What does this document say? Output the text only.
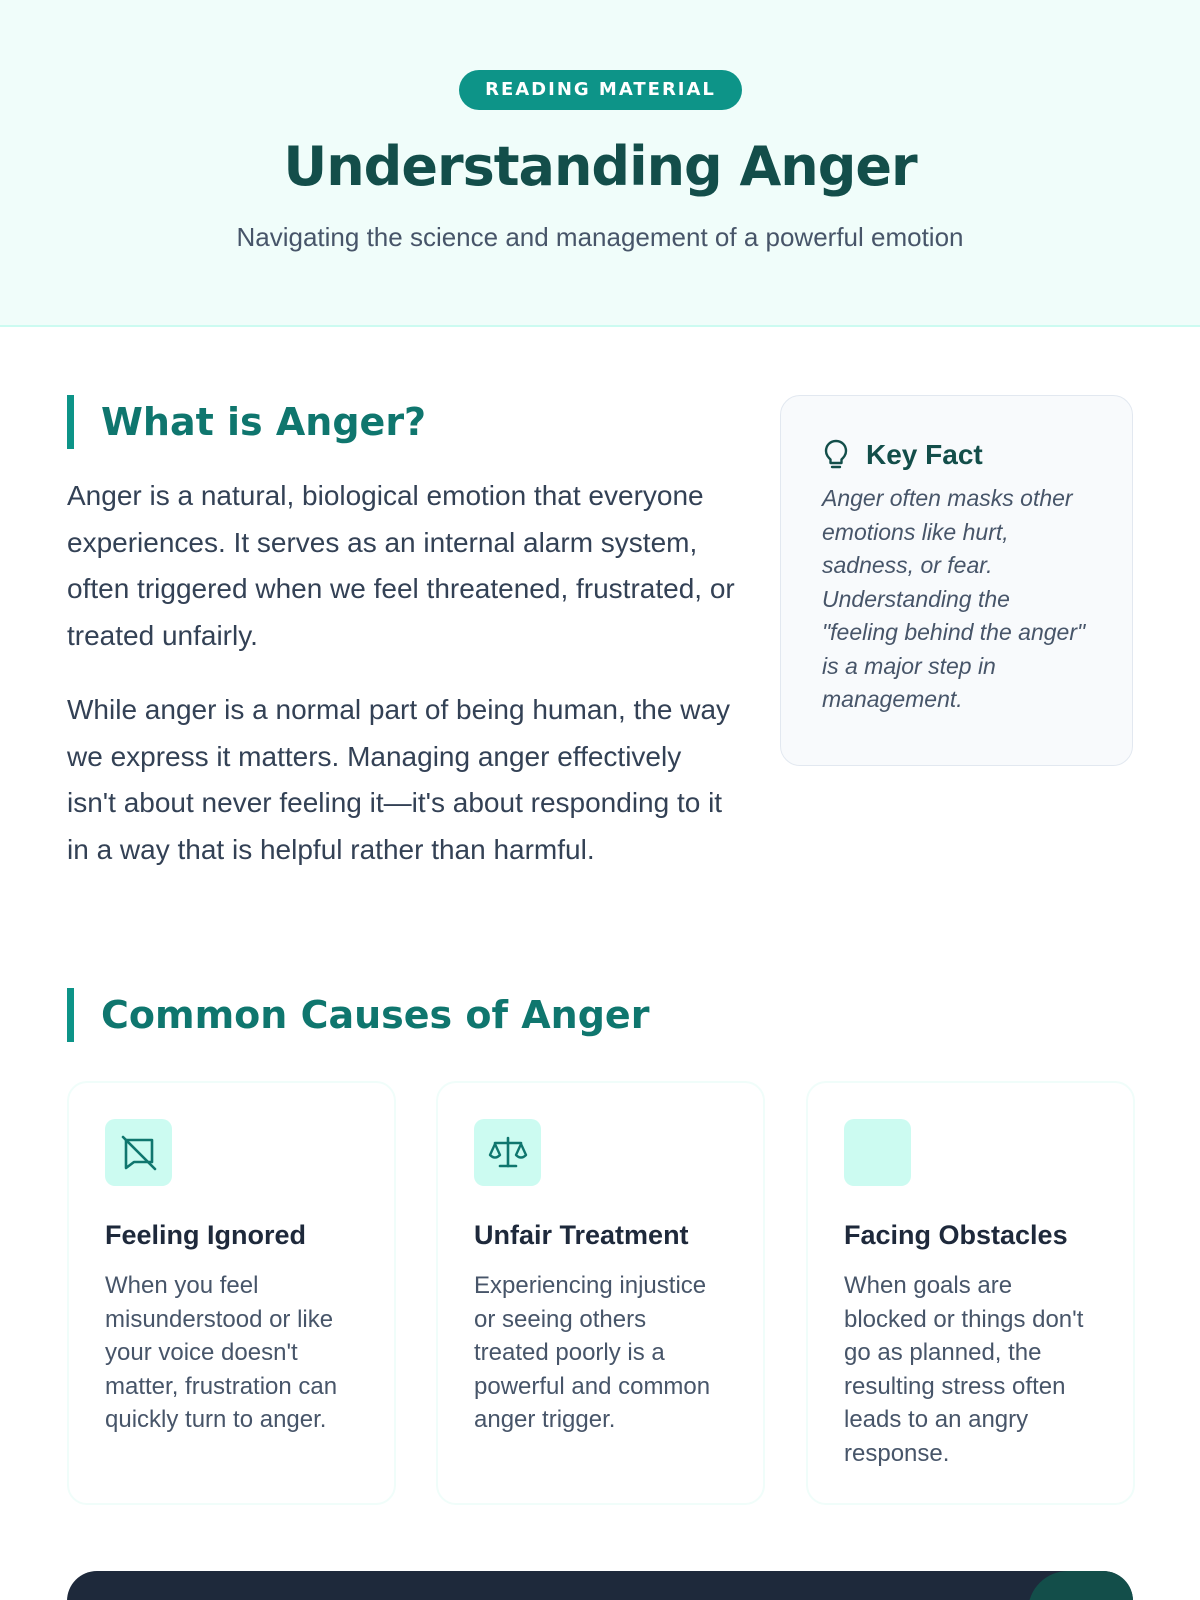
READING MATERIAL
Understanding Anger

Navigating the science and management of a powerful emotion

What is Anger?

Anger is a natural, biological emotion that everyone experiences. It serves as an internal alarm system, often triggered when we feel threatened, frustrated, or treated unfairly.

While anger is a normal part of being human, the way we express it matters. Managing anger effectively isn't about never feeling it—it's about responding to it in a way that is helpful rather than harmful.

Key Fact

Anger often masks other emotions like hurt, sadness, or fear. Understanding the "feeling behind the anger" is a major step in management.

Common Causes of Anger
Feeling Ignored

When you feel misunderstood or like your voice doesn't matter, frustration can quickly turn to anger.

Unfair Treatment

Experiencing injustice or seeing others treated poorly is a powerful and common anger trigger.

Facing Obstacles

When goals are blocked or things don't go as planned, the resulting stress often leads to an angry response.
